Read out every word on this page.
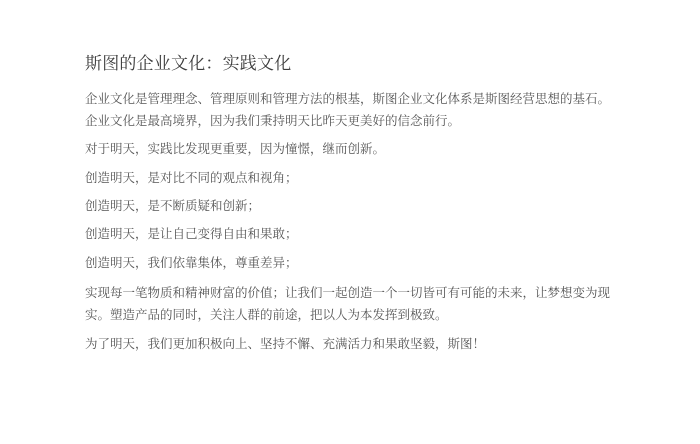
斯图的企业文化：实践文化
企业文化是管理理念、管理原则和管理方法的根基，斯图企业文化体系是斯图经营思想的基石。
企业文化是最高境界，因为我们秉持明天比昨天更美好的信念前行。
对于明天，实践比发现更重要，因为憧憬，继而创新。
创造明天，是对比不同的观点和视角；
创造明天，是不断质疑和创新；
创造明天，是让自己变得自由和果敢；
创造明天，我们依靠集体，尊重差异；
实现每一笔物质和精神财富的价值；让我们一起创造一个一切皆可有可能的未来，让梦想变为现
实。塑造产品的同时，关注人群的前途，把以人为本发挥到极致。
为了明天，我们更加积极向上、坚持不懈、充满活力和果敢坚毅，斯图！
